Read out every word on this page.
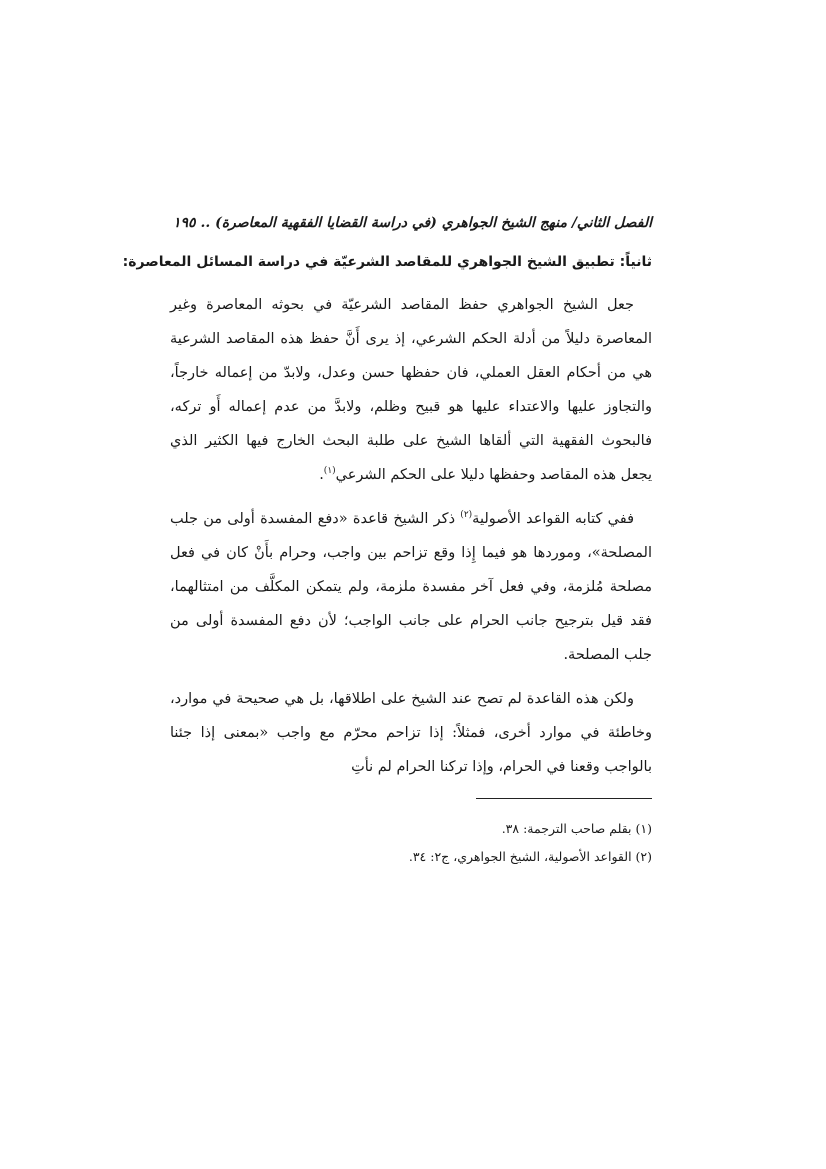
الفصل الثاني/ منهج الشيخ الجواهري (في دراسة القضايا الفقهية المعاصرة) .. ١٩٥
ثانياً: تطبيق الشيخ الجواهري للمقاصد الشرعيّة في دراسة المسائل المعاصرة:

جعل الشيخ الجواهري حفظ المقاصد الشرعيّة في بحوثه المعاصرة وغير المعاصرة دليلاً من أدلة الحكم الشرعي، إذ يرى أَنَّ حفظ هذه المقاصد الشرعية هي من أحكام العقل العملي، فان حفظها حسن وعدل، ولابدّ من إعماله خارجاً، والتجاوز عليها والاعتداء عليها هو قبيح وظلم، ولابدَّ من عدم إعماله أَو تركه، فالبحوث الفقهية التي ألقاها الشيخ على طلبة البحث الخارج فيها الكثير الذي يجعل هذه المقاصد وحفظها دليلا على الحكم الشرعي$^{(١)}$.

ففي كتابه القواعد الأصولية$^{(٢)}$ ذكر الشيخ قاعدة «دفع المفسدة أولى من جلب المصلحة»، وموردها هو فيما إِذا وقع تزاحم بين واجب، وحرام بأَنْ كان في فعل مصلحة مُلزمة، وفي فعل آخر مفسدة ملزمة، ولم يتمكن المكلَّف من امتثالهما، فقد قيل بترجيح جانب الحرام على جانب الواجب؛ لأن دفع المفسدة أولى من جلب المصلحة.

ولكن هذه القاعدة لم تصح عند الشيخ على اطلاقها، بل هي صحيحة في موارد، وخاطئة في موارد أخرى، فمثلاً: إذا تزاحم محرّم مع واجب «بمعنى إذا جئنا بالواجب وقعنا في الحرام، وإذا تركنا الحرام لم نأتِ

(١) بقلم صاحب الترجمة: ٣٨.

(٢) القواعد الأصولية، الشيخ الجواهري، ج٢: ٣٤.
